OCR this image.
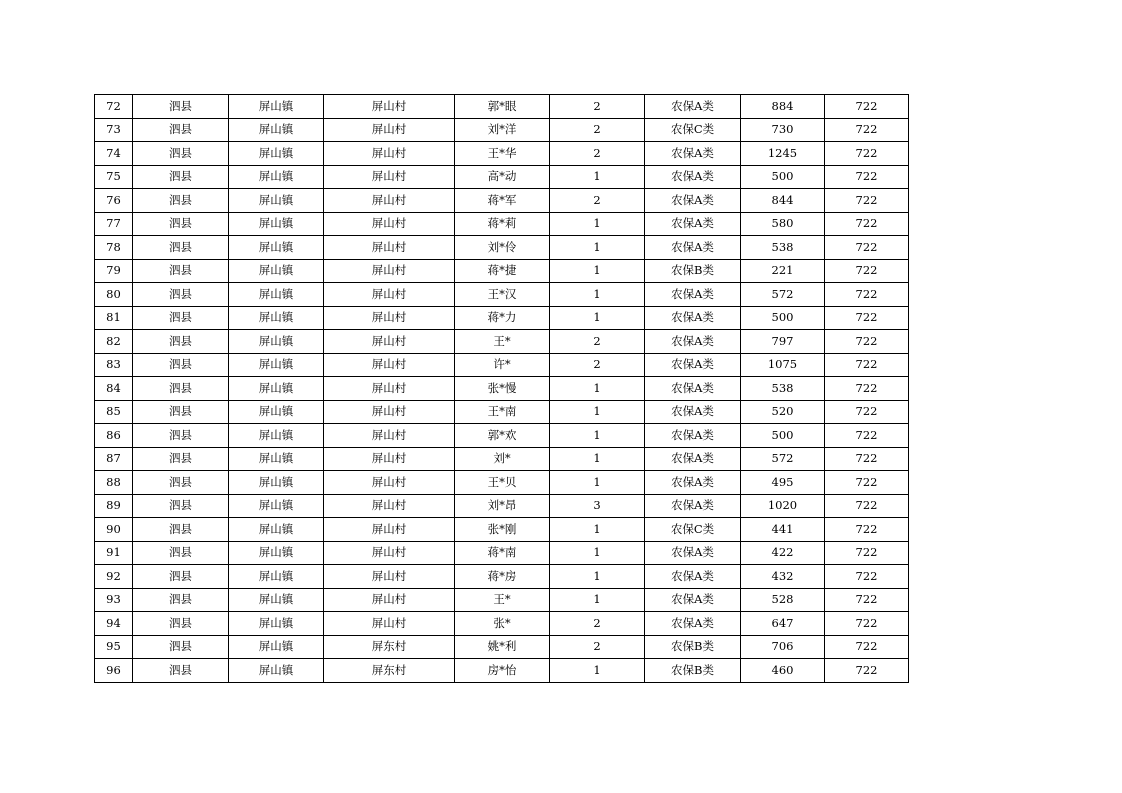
72	泗县	屏山镇	屏山村	郭*眼	2	农保A类	884	722
73	泗县	屏山镇	屏山村	刘*洋	2	农保C类	730	722
74	泗县	屏山镇	屏山村	王*华	2	农保A类	1245	722
75	泗县	屏山镇	屏山村	高*动	1	农保A类	500	722
76	泗县	屏山镇	屏山村	蒋*军	2	农保A类	844	722
77	泗县	屏山镇	屏山村	蒋*莉	1	农保A类	580	722
78	泗县	屏山镇	屏山村	刘*伶	1	农保A类	538	722
79	泗县	屏山镇	屏山村	蒋*捷	1	农保B类	221	722
80	泗县	屏山镇	屏山村	王*汉	1	农保A类	572	722
81	泗县	屏山镇	屏山村	蒋*力	1	农保A类	500	722
82	泗县	屏山镇	屏山村	王*	2	农保A类	797	722
83	泗县	屏山镇	屏山村	许*	2	农保A类	1075	722
84	泗县	屏山镇	屏山村	张*慢	1	农保A类	538	722
85	泗县	屏山镇	屏山村	王*南	1	农保A类	520	722
86	泗县	屏山镇	屏山村	郭*欢	1	农保A类	500	722
87	泗县	屏山镇	屏山村	刘*	1	农保A类	572	722
88	泗县	屏山镇	屏山村	王*贝	1	农保A类	495	722
89	泗县	屏山镇	屏山村	刘*昂	3	农保A类	1020	722
90	泗县	屏山镇	屏山村	张*刚	1	农保C类	441	722
91	泗县	屏山镇	屏山村	蒋*南	1	农保A类	422	722
92	泗县	屏山镇	屏山村	蒋*房	1	农保A类	432	722
93	泗县	屏山镇	屏山村	王*	1	农保A类	528	722
94	泗县	屏山镇	屏山村	张*	2	农保A类	647	722
95	泗县	屏山镇	屏东村	姚*利	2	农保B类	706	722
96	泗县	屏山镇	屏东村	房*怡	1	农保B类	460	722
